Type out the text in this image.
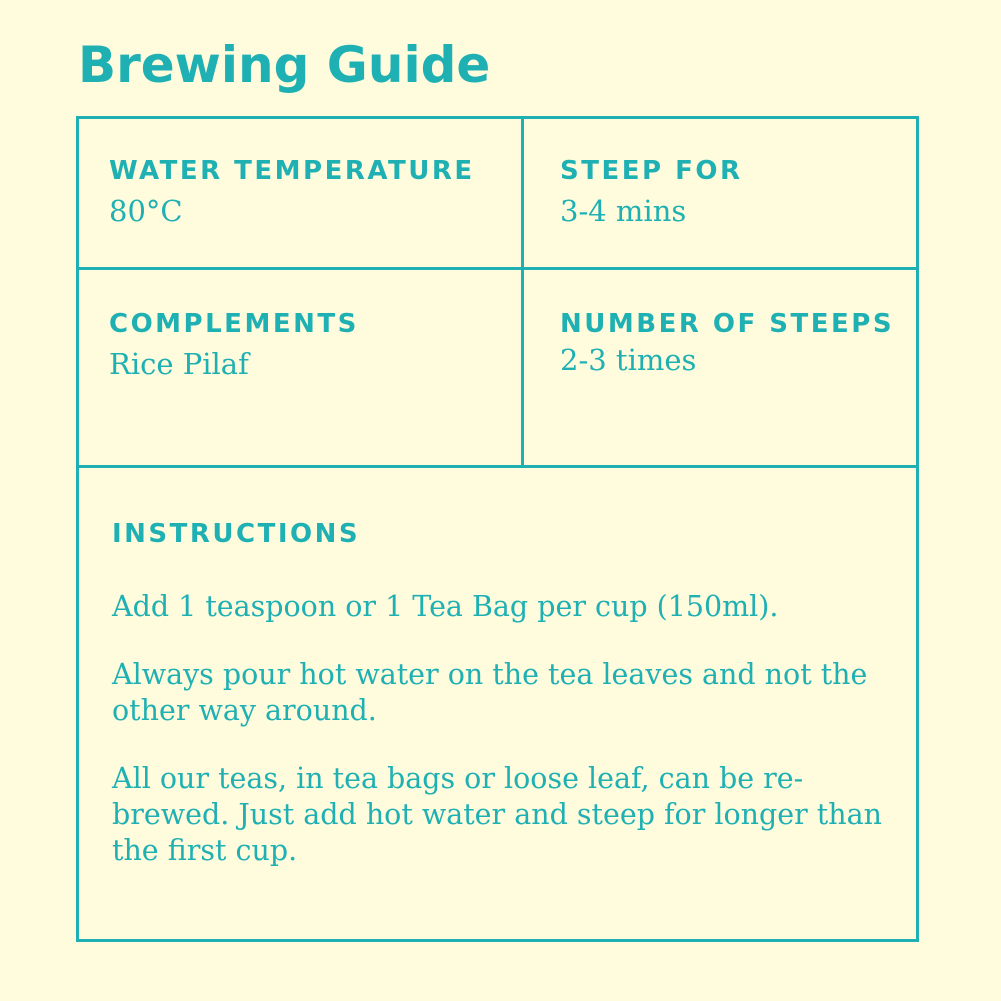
Brewing Guide
WATER TEMPERATURE
80°C
STEEP FOR
3-4 mins
COMPLEMENTS
Rice Pilaf
NUMBER OF STEEPS
2-3 times
INSTRUCTIONS

Add 1 teaspoon or 1 Tea Bag per cup (150ml).

Always pour hot water on the tea leaves and not the other way around.

All our teas, in tea bags or loose leaf, can be re-brewed. Just add hot water and steep for longer than the first cup.
